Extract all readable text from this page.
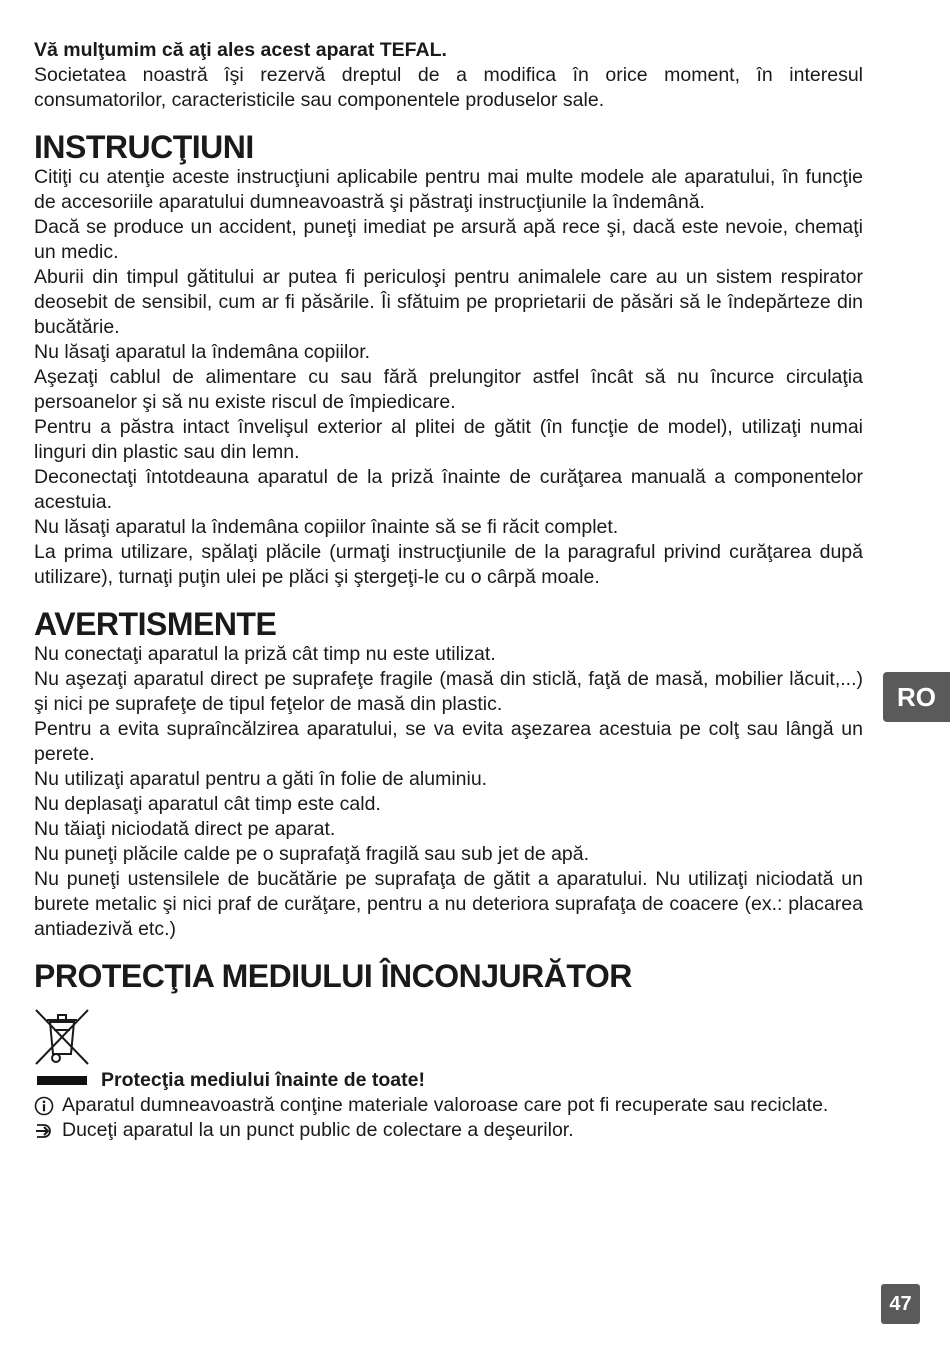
Vă mulţumim că aţi ales acest aparat TEFAL.

Societatea noastră îşi rezervă dreptul de a modifica în orice moment, în interesul consumatorilor, caracteristicile sau componentele produselor sale.

INSTRUCŢIUNI

Citiţi cu atenţie aceste instrucţiuni aplicabile pentru mai multe modele ale aparatului, în funcţie de accesoriile aparatului dumneavoastră şi păstraţi instrucţiunile la îndemână.

Dacă se produce un accident, puneţi imediat pe arsură apă rece şi, dacă este nevoie, chemaţi un medic.

Aburii din timpul gătitului ar putea fi periculoşi pentru animalele care au un sistem respirator deosebit de sensibil, cum ar fi păsările. Îi sfătuim pe proprietarii de păsări să le îndepărteze din bucătărie.

Nu lăsaţi aparatul la îndemâna copiilor.

Aşezaţi cablul de alimentare cu sau fără prelungitor astfel încât să nu încurce circulaţia persoanelor şi să nu existe riscul de împiedicare.

Pentru a păstra intact învelişul exterior al plitei de gătit (în funcţie de model), utilizaţi numai linguri din plastic sau din lemn.

Deconectaţi întotdeauna aparatul de la priză înainte de curăţarea manuală a componentelor acestuia.

Nu lăsaţi aparatul la îndemâna copiilor înainte să se fi răcit complet.

La prima utilizare, spălaţi plăcile (urmaţi instrucţiunile de la paragraful privind curăţarea după utilizare), turnaţi puţin ulei pe plăci şi ştergeţi-le cu o cârpă moale.

AVERTISMENTE

Nu conectaţi aparatul la priză cât timp nu este utilizat.

Nu aşezaţi aparatul direct pe suprafeţe fragile (masă din sticlă, faţă de masă, mobilier lăcuit,...) şi nici pe suprafeţe de tipul feţelor de masă din plastic.

Pentru a evita supraîncălzirea aparatului, se va evita aşezarea acestuia pe colţ sau lângă un perete.

Nu utilizaţi aparatul pentru a găti în folie de aluminiu.

Nu deplasaţi aparatul cât timp este cald.

Nu tăiaţi niciodată direct pe aparat.

Nu puneţi plăcile calde pe o suprafaţă fragilă sau sub jet de apă.

Nu puneţi ustensilele de bucătărie pe suprafaţa de gătit a aparatului. Nu utilizaţi niciodată un burete metalic şi nici praf de curăţare, pentru a nu deteriora suprafaţa de coacere (ex.: placarea antiadezivă etc.)

PROTECŢIA MEDIULUI ÎNCONJURĂTOR
Protecţia mediului înainte de toate!
Aparatul dumneavoastră conţine materiale valoroase care pot fi recuperate sau reciclate.
Duceţi aparatul la un punct public de colectare a deşeurilor.
RO
47
